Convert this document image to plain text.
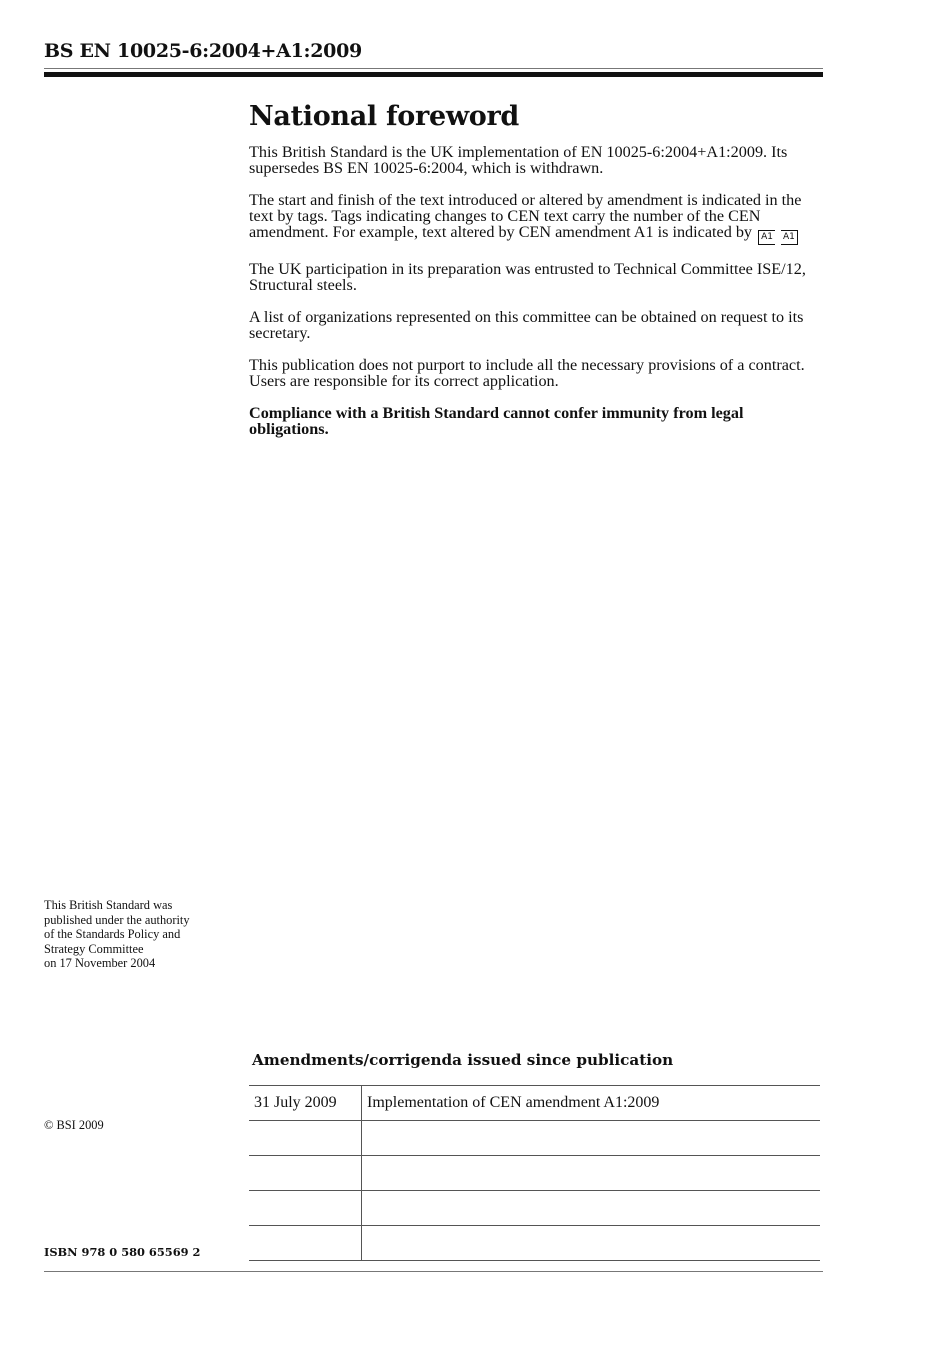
BS EN 10025-6:2004+A1:2009
National foreword

This British Standard is the UK implementation of EN 10025-6:2004+A1:2009. Its supersedes BS EN 10025-6:2004, which is withdrawn.

The start and finish of the text introduced or altered by amendment is indicated in the text by tags. Tags indicating changes to CEN text carry the number of the CEN amendment. For example, text altered by CEN amendment A1 is indicated by A1 A1

The UK participation in its preparation was entrusted to Technical Committee ISE/12, Structural steels.

A list of organizations represented on this committee can be obtained on request to its secretary.

This publication does not purport to include all the necessary provisions of a contract. Users are responsible for its correct application.

Compliance with a British Standard cannot confer immunity from legal obligations.

This British Standard was
published under the authority
of the Standards Policy and
Strategy Committee
on 17 November 2004
© BSI 2009
ISBN 978 0 580 65569 2
Amendments/corrigenda issued since publication
31 July 2009	Implementation of CEN amendment A1:2009
